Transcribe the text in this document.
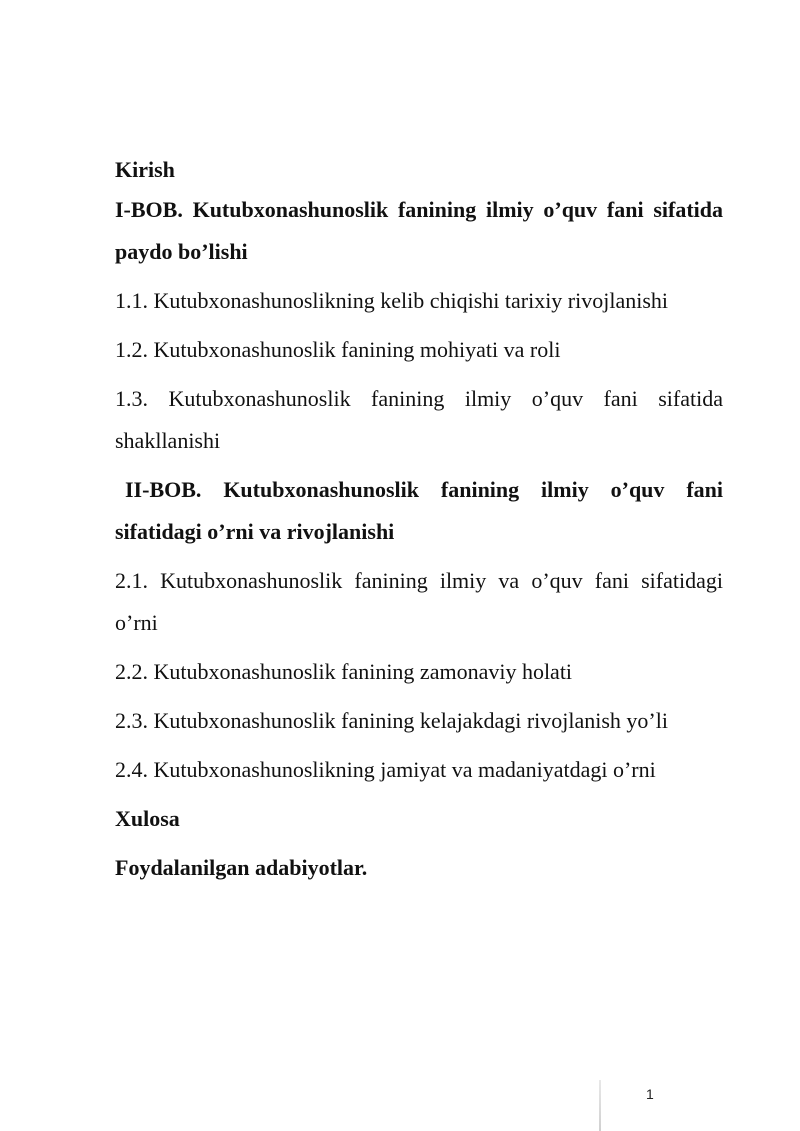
Kirish

I-BOB. Kutubxonashunoslik fanining ilmiy o’quv fani sifatida paydo bo’lishi

1.1. Kutubxonashunoslikning kelib chiqishi tarixiy rivojlanishi

1.2. Kutubxonashunoslik fanining mohiyati va roli

1.3. Kutubxonashunoslik fanining ilmiy o’quv fani sifatida shakllanishi

II-BOB. Kutubxonashunoslik fanining ilmiy o’quv fani sifatidagi o’rni va rivojlanishi

2.1. Kutubxonashunoslik fanining ilmiy va o’quv fani sifatidagi o’rni

2.2. Kutubxonashunoslik fanining zamonaviy holati

2.3. Kutubxonashunoslik fanining kelajakdagi rivojlanish yo’li

2.4. Kutubxonashunoslikning jamiyat va madaniyatdagi o’rni

Xulosa

Foydalanilgan adabiyotlar.

1
